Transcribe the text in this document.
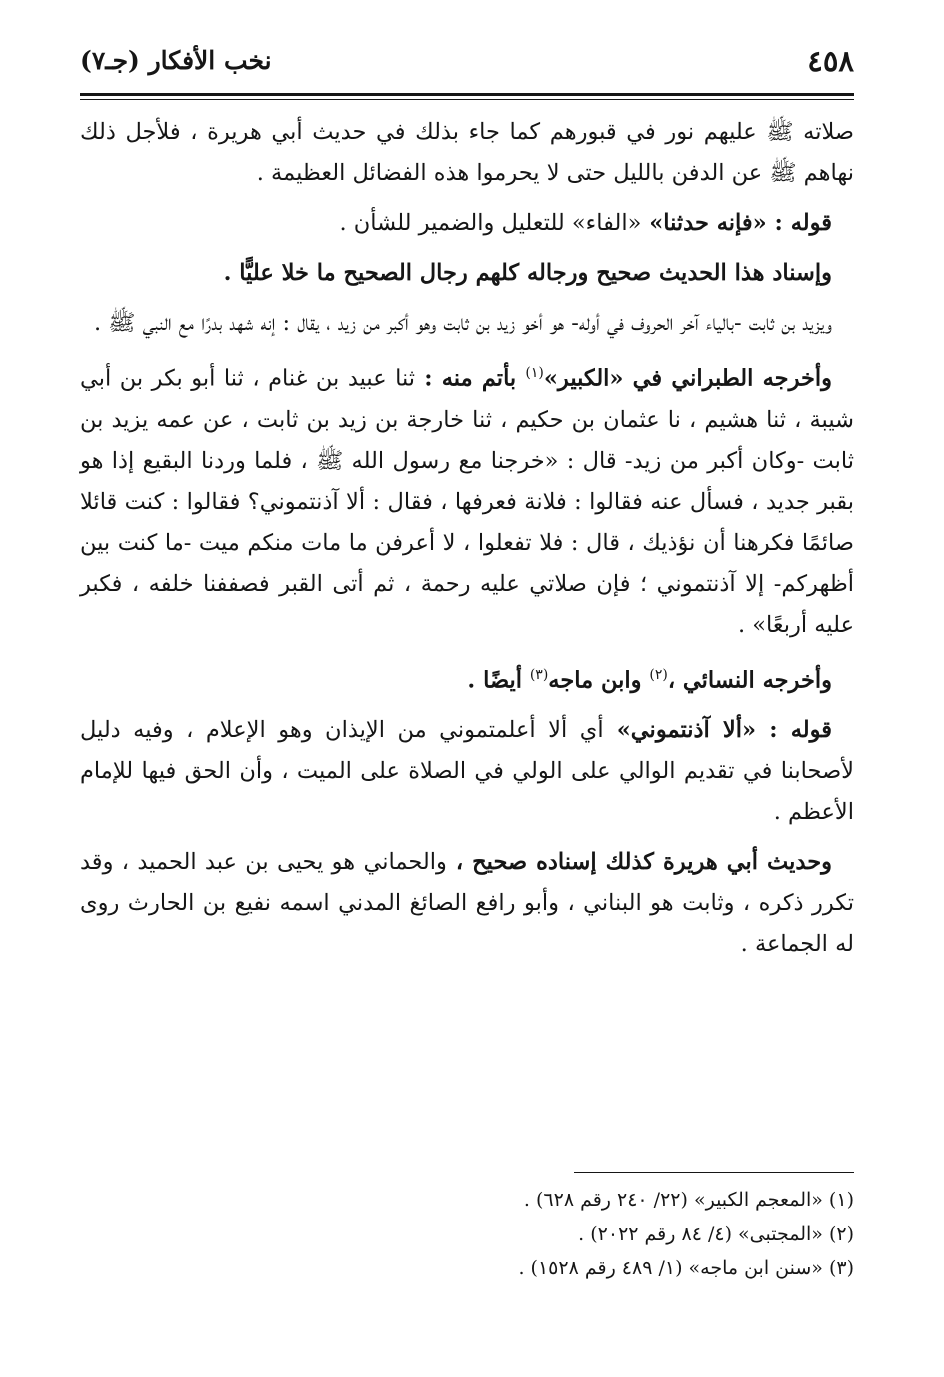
٤٥٨
نخب الأفكار (جـ٧)

صلاته ﷺ عليهم نور في قبورهم كما جاء بذلك في حديث أبي هريرة ، فلأجل ذلك نهاهم ﷺ عن الدفن بالليل حتى لا يحرموا هذه الفضائل العظيمة .

قوله : «فإنه حدثنا» «الفاء» للتعليل والضمير للشأن .

وإسناد هذا الحديث صحيح ورجاله كلهم رجال الصحيح ما خلا عليًّا .

ويزيد بن ثابت -بالياء آخر الحروف في أوله- هو أخو زيد بن ثابت وهو أكبر من زيد ، يقال : إنه شهد بدرًا مع النبي ﷺ .

وأخرجه الطبراني في «الكبير»$^{(١)}$ بأتم منه : ثنا عبيد بن غنام ، ثنا أبو بكر بن أبي شيبة ، ثنا هشيم ، نا عثمان بن حكيم ، ثنا خارجة بن زيد بن ثابت ، عن عمه يزيد بن ثابت -وكان أكبر من زيد- قال : «خرجنا مع رسول الله ﷺ ، فلما وردنا البقيع إذا هو بقبر جديد ، فسأل عنه فقالوا : فلانة فعرفها ، فقال : ألا آذنتموني؟ فقالوا : كنت قائلا صائمًا فكرهنا أن نؤذيك ، قال : فلا تفعلوا ، لا أعرفن ما مات منكم ميت -ما كنت بين أظهركم- إلا آذنتموني ؛ فإن صلاتي عليه رحمة ، ثم أتى القبر فصففنا خلفه ، فكبر عليه أربعًا» .

وأخرجه النسائي ،$^{(٢)}$ وابن ماجه$^{(٣)}$ أيضًا .

قوله : «ألا آذنتموني» أي ألا أعلمتموني من الإيذان وهو الإعلام ، وفيه دليل لأصحابنا في تقديم الوالي على الولي في الصلاة على الميت ، وأن الحق فيها للإمام الأعظم .

وحديث أبي هريرة كذلك إسناده صحيح ، والحماني هو يحيى بن عبد الحميد ، وقد تكرر ذكره ، وثابت هو البناني ، وأبو رافع الصائغ المدني اسمه نفيع بن الحارث روى له الجماعة .

(١) «المعجم الكبير» (٢٢/ ٢٤٠ رقم ٦٢٨) .

(٢) «المجتبى» (٤/ ٨٤ رقم ٢٠٢٢) .

(٣) «سنن ابن ماجه» (١/ ٤٨٩ رقم ١٥٢٨) .
